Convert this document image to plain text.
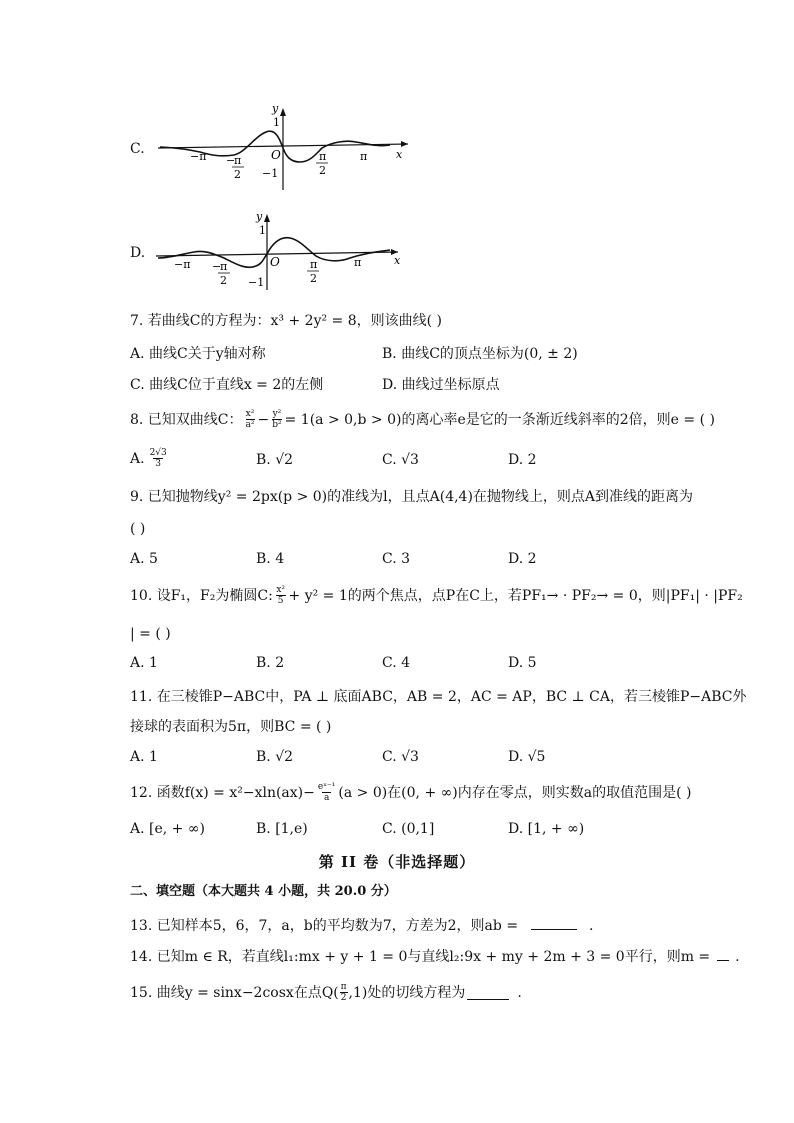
C.
y
1
−1
O	x
−π −
π
2
π
2
π
D.
y
1
−1
O	x
−π −
π
2
π
2
π
7. 若曲线C的方程为：x³ + 2y² = 8，则该曲线( )
A. 曲线C关于y轴对称	B. 曲线C的顶点坐标为(0, ± 2)
C. 曲线C位于直线x = 2的左侧	D. 曲线过坐标原点
8. 已知双曲线C： $\frac{\text{x²}}{\text{a²}} - \frac{\text{y²}}{\text{b²}} = 1(a > 0,b > 0)$的离心率e是它的一条渐近线斜率的2倍，则e = ( )
A. $\frac{2√3}{3}$	B. √2	C. √3	D. 2
9. 已知抛物线y² = 2px(p > 0)的准线为l，且点A(4,4)在抛物线上，则点A到准线的距离为
( )
A. 5	B. 4	C. 3	D. 2
10. 设F₁，F₂为椭圆C: $\frac{\text{x²}}{5} + y^2 = 1$的两个焦点，点P在C上，若PF₁→ · PF₂→ = 0，则|PF₁| · |PF₂
| = ( )
A. 1	B. 2	C. 4	D. 5
11. 在三棱锥P−ABC中，PA ⊥ 底面ABC，AB = 2，AC = AP，BC ⊥ CA，若三棱锥P−ABC外
接球的表面积为5π，则BC = ( )
A. 1	B. √2	C. √3	D. √5
12. 函数$f(x) = x^2-xln(ax)- \frac{\text{eˣ⁻¹}}{a} (a > 0)$在(0, + ∞)内存在零点，则实数a的取值范围是( )
A. [e, + ∞)	B. [1,e)	C. (0,1]	D. [1, + ∞)
第 II 卷（非选择题）
二、填空题（本大题共 4 小题，共 20.0 分）
13. 已知样本5，6，7，a，b的平均数为7，方差为2，则ab =	.
14. 已知m ∈ R，若直线l₁:mx + y + 1 = 0与直线l₂:9x + my + 2m + 3 = 0平行，则m = .
15. 曲线y = sinx−2cosx在点$Q( \frac{\pi}{2} ,1)$处的切线方程为	.
